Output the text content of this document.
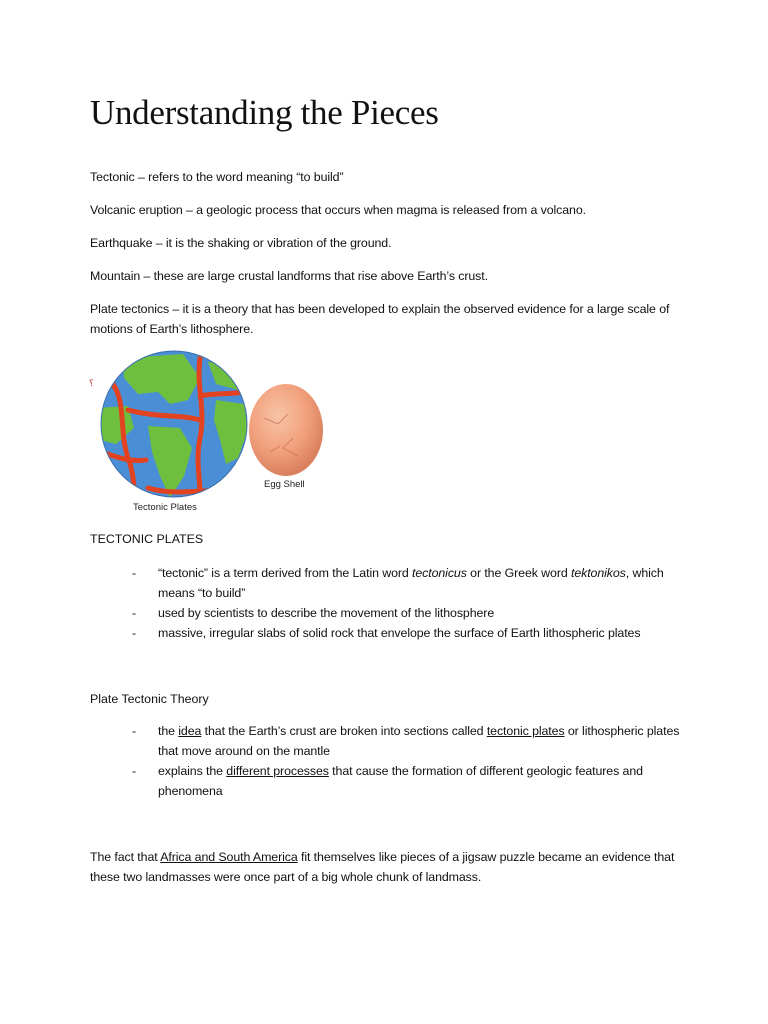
Understanding the Pieces

Tectonic – refers to the word meaning “to build”

Volcanic eruption – a geologic process that occurs when magma is released from a volcano.

Earthquake – it is the shaking or vibration of the ground.

Mountain – these are large crustal landforms that rise above Earth’s crust.

Plate tectonics – it is a theory that has been developed to explain the observed evidence for a large scale of motions of Earth’s lithosphere.

⸮
Tectonic Plates
Egg Shell

TECTONIC PLATES

- “tectonic” is a term derived from the Latin word tectonicus or the Greek word tektonikos, which means “to build”
- used by scientists to describe the movement of the lithosphere
- massive, irregular slabs of solid rock that envelope the surface of Earth lithospheric plates

Plate Tectonic Theory

- the idea that the Earth’s crust are broken into sections called tectonic plates or lithospheric plates that move around on the mantle
- explains the different processes that cause the formation of different geologic features and phenomena

The fact that Africa and South America fit themselves like pieces of a jigsaw puzzle became an evidence that these two landmasses were once part of a big whole chunk of landmass.
